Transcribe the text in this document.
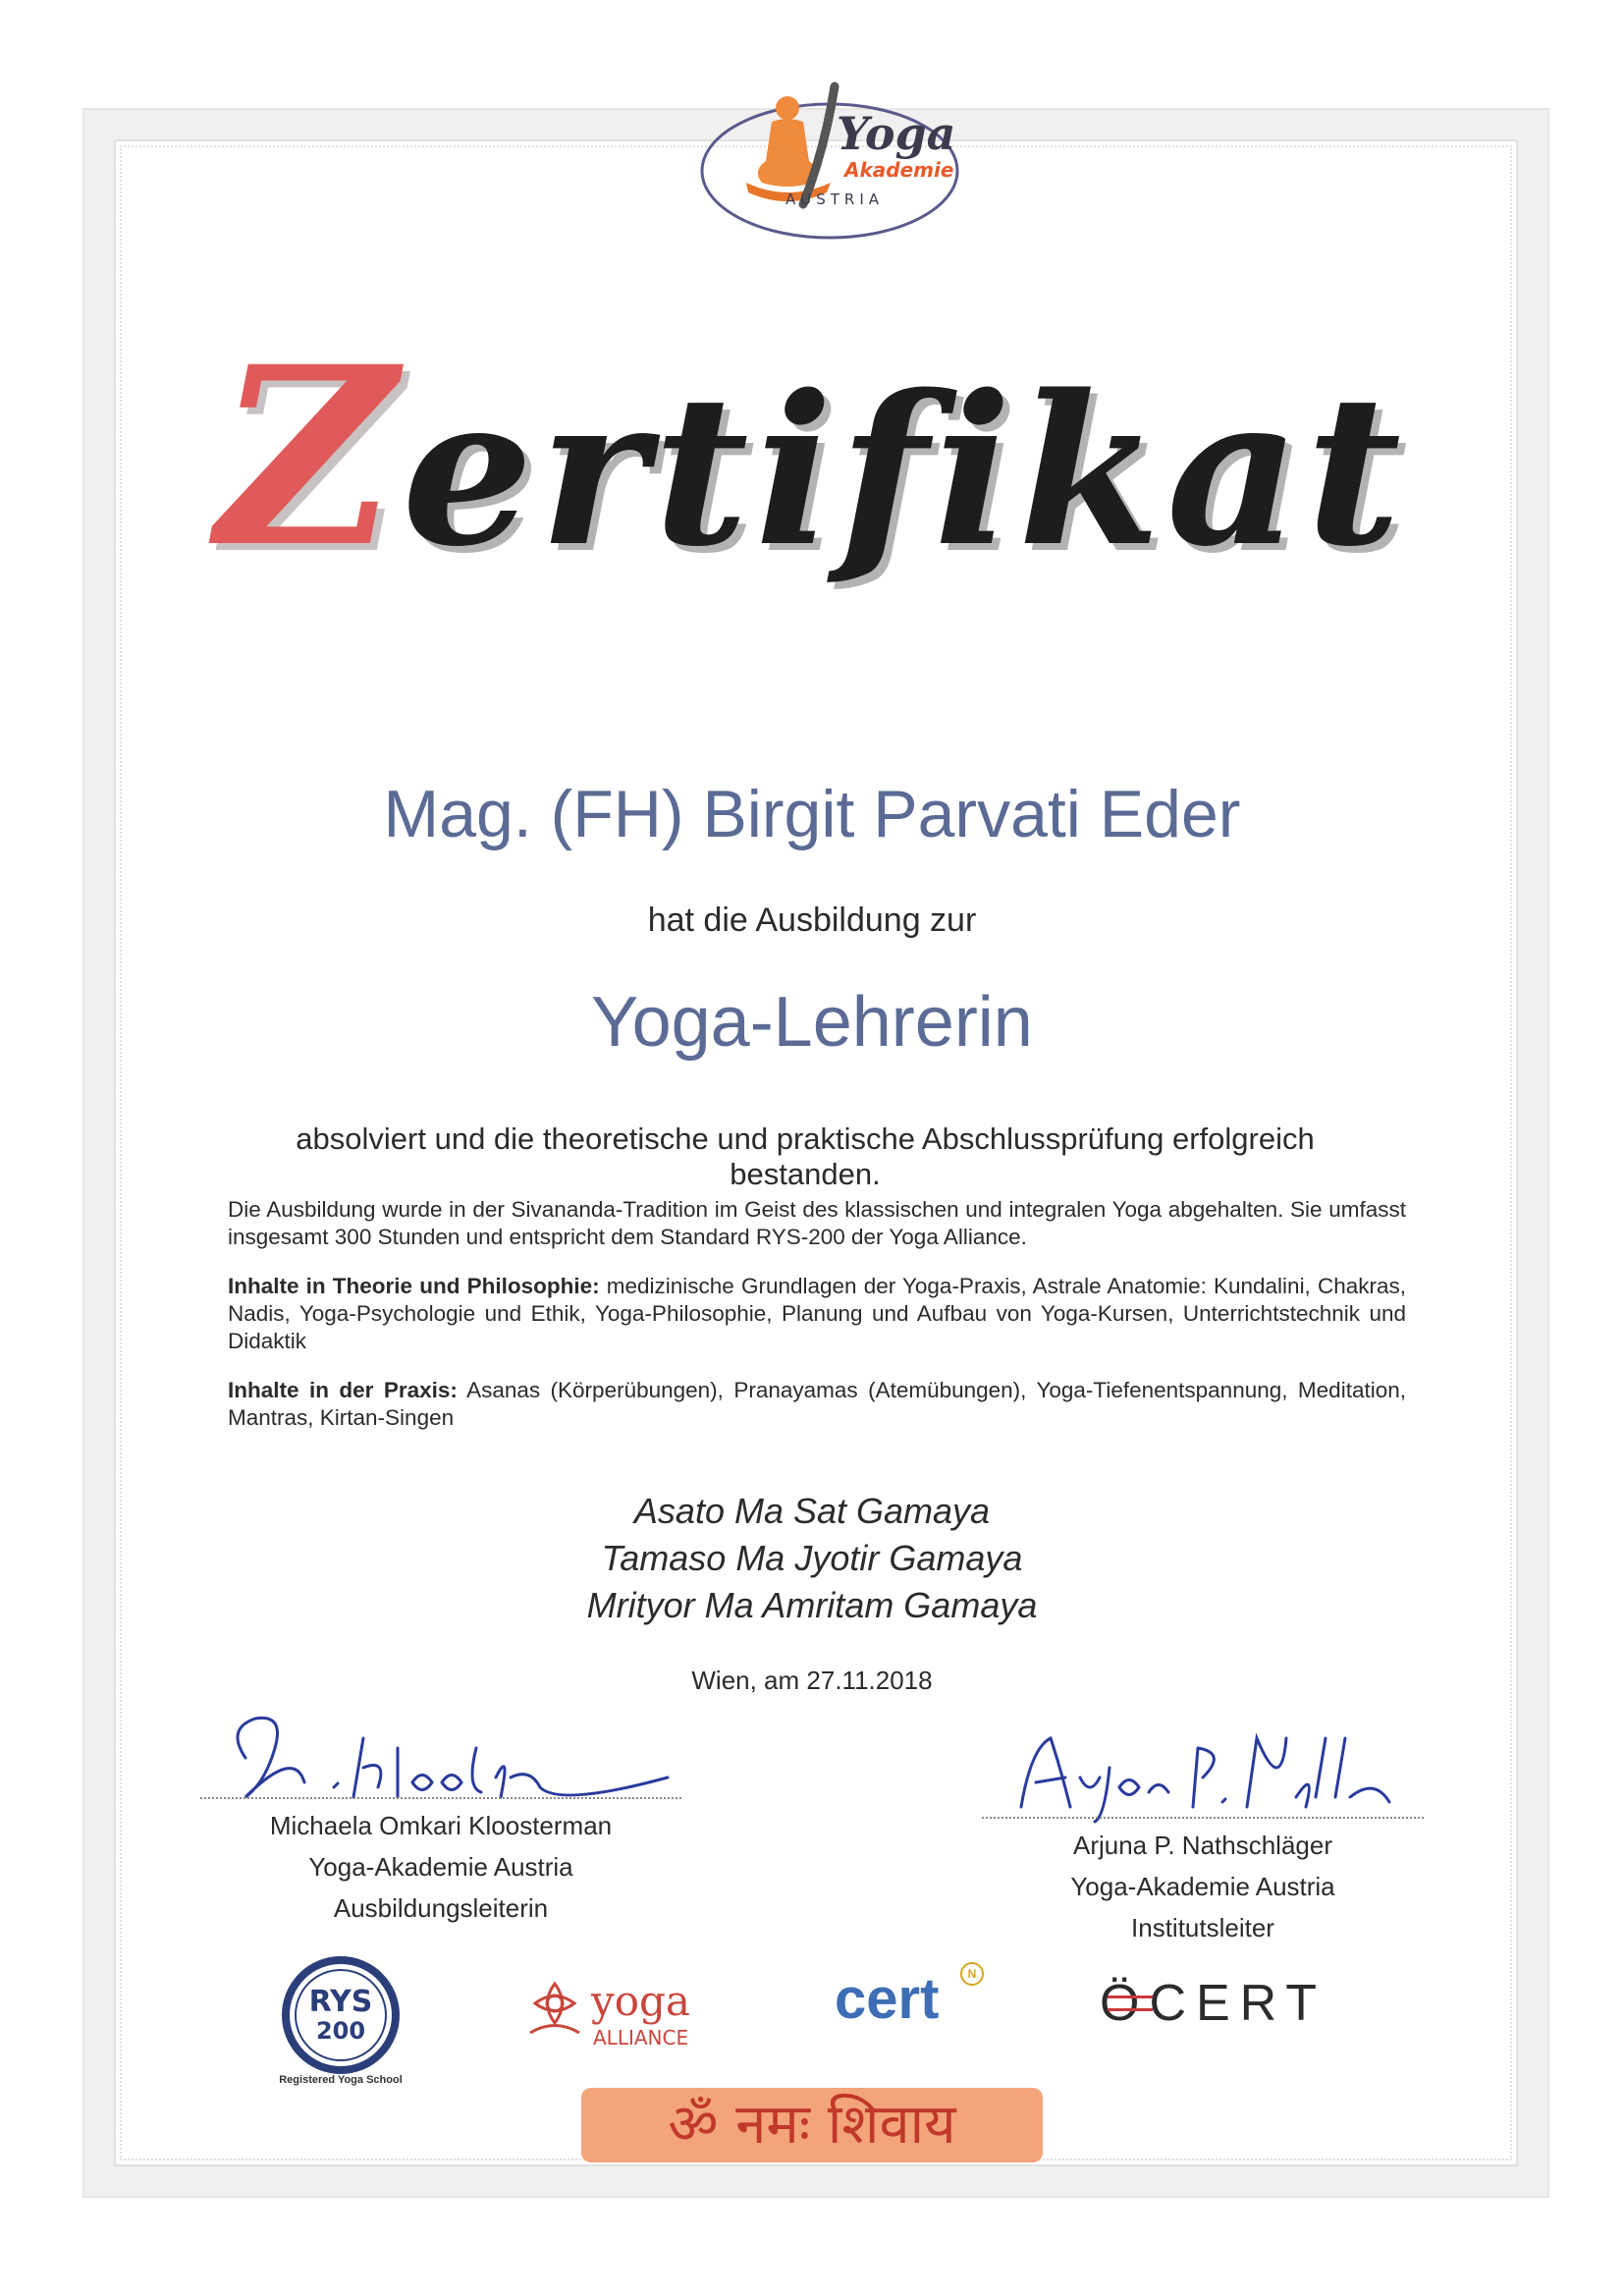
Yoga
Akademie
AUSTRIA
Zertifikat
Mag. (FH) Birgit Parvati Eder
hat die Ausbildung zur
Yoga-Lehrerin
absolviert und die theoretische und praktische Abschlussprüfung erfolgreich bestanden.
Die Ausbildung wurde in der Sivananda-Tradition im Geist des klassischen und integralen Yoga abgehalten. Sie umfasst insgesamt 300 Stunden und entspricht dem Standard RYS-200 der Yoga Alliance.
Inhalte in Theorie und Philosophie: medizinische Grundlagen der Yoga-Praxis, Astrale Anatomie: Kundalini, Chakras, Nadis, Yoga-Psychologie und Ethik, Yoga-Philosophie, Planung und Aufbau von Yoga-Kursen, Unterrichtstechnik und Didaktik
Inhalte in der Praxis: Asanas (Körperübungen), Pranayamas (Atemübungen), Yoga-Tiefenentspannung, Meditation, Mantras, Kirtan-Singen
Asato Ma Sat Gamaya
Tamaso Ma Jyotir Gamaya
Mrityor Ma Amritam Gamaya
Wien, am 27.11.2018
Michaela Omkari Kloosterman
Yoga-Akademie Austria
Ausbildungsleiterin
Arjuna P. Nathschläger
Yoga-Akademie Austria
Institutsleiter
RYS
200
Registered Yoga School
yoga
ALLIANCE
cert	N
ÖCERT
ॐ नमः शिवाय
